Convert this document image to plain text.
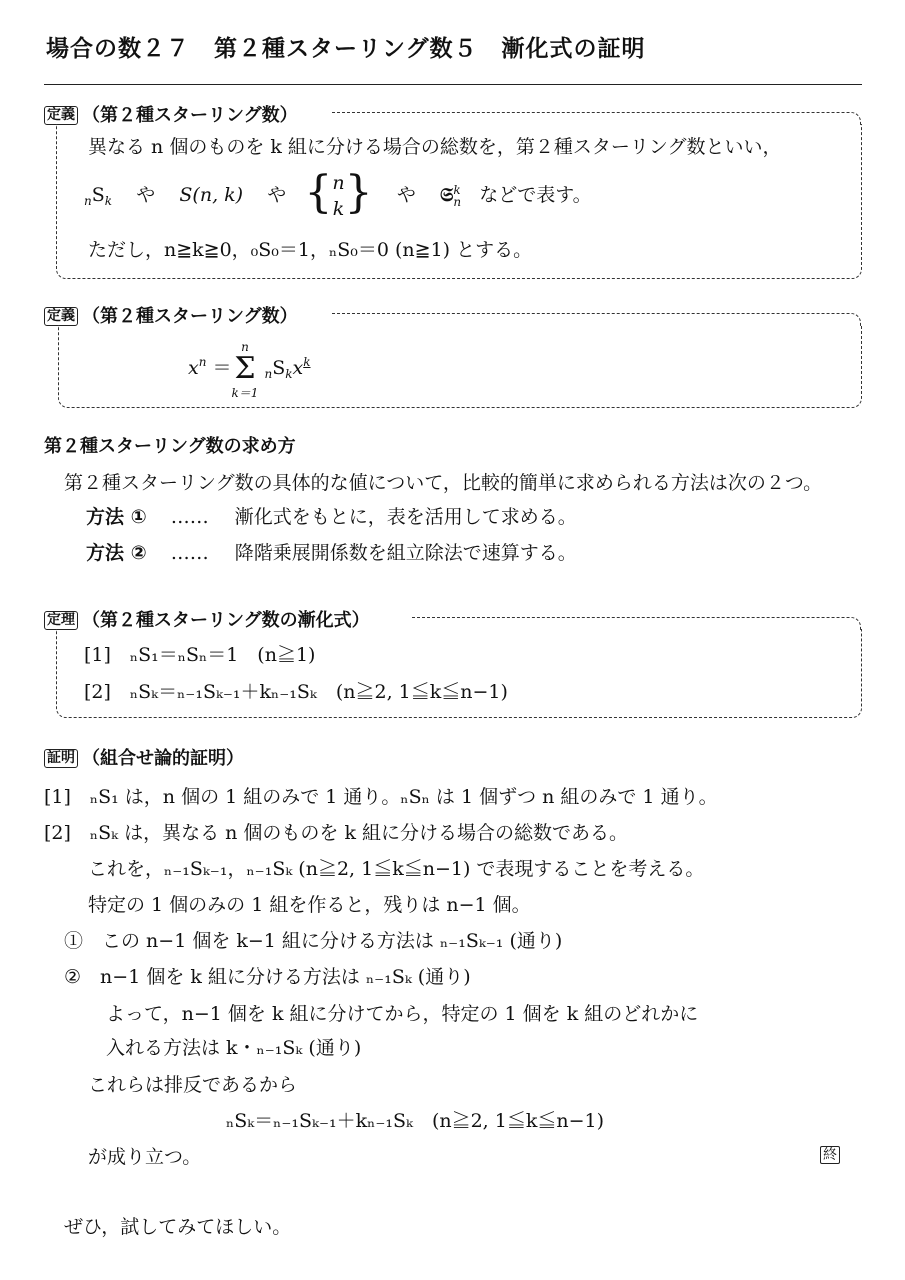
場合の数２７　第２種スターリング数５　漸化式の証明
定義 （第２種スターリング数）
異なる n 個のものを k 組に分ける場合の総数を，第２種スターリング数といい，
$_nS_k$ や S(n, k) や {n
k} や 𝔖k
n などで表す。
ただし，n≧k≧0，₀S₀＝1，ₙS₀＝0 (n≧1) とする。
定義 （第２種スターリング数）
$x^n =n$
Σ
k＝1 $_nS_kx^k$
第２種スターリング数の求め方
第２種スターリング数の具体的な値について，比較的簡単に求められる方法は次の２つ。
方法 ① …… 漸化式をもとに，表を活用して求める。
方法 ② …… 降階乗展開係数を組立除法で速算する。
定理 （第２種スターリング数の漸化式）
[1]　ₙS₁＝ₙSₙ＝1　(n≧1)
[2]　ₙSₖ＝ₙ₋₁Sₖ₋₁＋kₙ₋₁Sₖ　(n≧2, 1≦k≦n−1)
証明 （組合せ論的証明）
[1]　ₙS₁ は，n 個の 1 組のみで 1 通り。ₙSₙ は 1 個ずつ n 組のみで 1 通り。
[2]　ₙSₖ は，異なる n 個のものを k 組に分ける場合の総数である。
これを，ₙ₋₁Sₖ₋₁，ₙ₋₁Sₖ (n≧2, 1≦k≦n−1) で表現することを考える。
特定の 1 個のみの 1 組を作ると，残りは n−1 個。
①　この n−1 個を k−1 組に分ける方法は ₙ₋₁Sₖ₋₁ (通り)
②　n−1 個を k 組に分ける方法は ₙ₋₁Sₖ (通り)
よって，n−1 個を k 組に分けてから，特定の 1 個を k 組のどれかに
入れる方法は k・ₙ₋₁Sₖ (通り)
これらは排反であるから
ₙSₖ＝ₙ₋₁Sₖ₋₁＋kₙ₋₁Sₖ　(n≧2, 1≦k≦n−1)
が成り立つ。	終
ぜひ，試してみてほしい。
